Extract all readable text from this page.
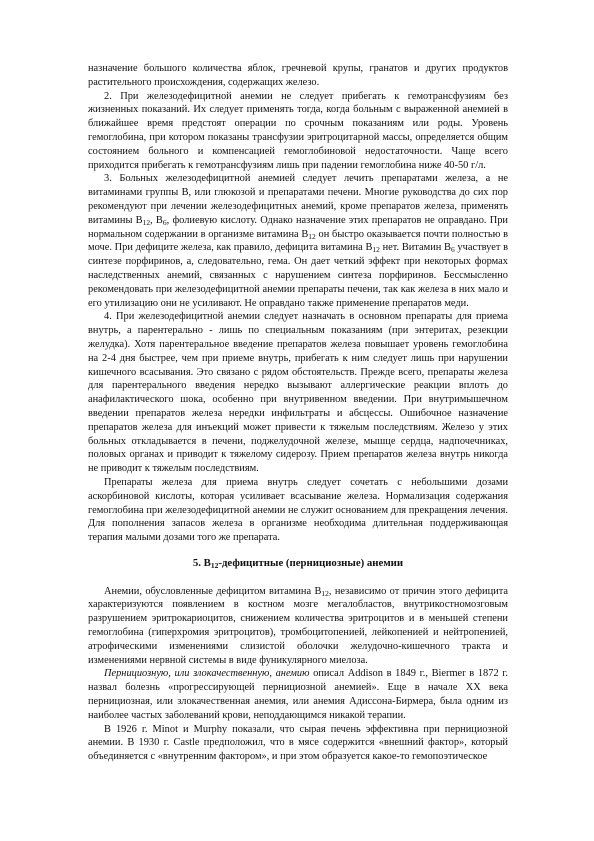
назначение большого количества яблок, гречневой крупы, гранатов и других продуктов растительного происхождения, содержащих железо.

2. При железодефицитной анемии не следует прибегать к гемотрансфузиям без жизненных показаний. Их следует применять тогда, когда больным с выраженной анемией в ближайшее время предстоят операции по срочным показаниям или роды. Уровень гемоглобина, при котором показаны трансфузии эритроцитарной массы, определяется общим состоянием больного и компенсацией гемоглобиновой недостаточности. Чаще всего приходится прибегать к гемотрансфузиям лишь при падении гемоглобина ниже 40-50 г/л.

3. Больных железодефицитной анемией следует лечить препаратами железа, а не витаминами группы В, или глюкозой и препаратами печени. Многие руководства до сих пор рекомендуют при лечении железодефицитных анемий, кроме препаратов железа, применять витамины $В_{12}$, $В_6$, фолиевую кислоту. Однако назначение этих препаратов не оправдано. При нормальном содержании в организме витамина $В_{12}$ он быстро оказывается почти полностью в моче. При дефиците железа, как правило, дефицита витамина $В_{12}$ нет. Витамин $В_6$ участвует в синтезе порфиринов, а, следовательно, гема. Он дает четкий эффект при некоторых формах наследственных анемий, связанных с нарушением синтеза порфиринов. Бессмысленно рекомендовать при железодефицитной анемии препараты печени, так как железа в них мало и его утилизацию они не усиливают. Не оправдано также применение препаратов меди.

4. При железодефицитной анемии следует назначать в основном препараты для приема внутрь, а парентерально - лишь по специальным показаниям (при энтеритах, резекции желудка). Хотя парентеральное введение препаратов железа повышает уровень гемоглобина на 2-4 дня быстрее, чем при приеме внутрь, прибегать к ним следует лишь при нарушении кишечного всасывания. Это связано с рядом обстоятельств. Прежде всего, препараты железа для парентерального введения нередко вызывают аллергические реакции вплоть до анафилактического шока, особенно при внутривенном введении. При внутримышечном введении препаратов железа нередки инфильтраты и абсцессы. Ошибочное назначение препаратов железа для инъекций может привести к тяжелым последствиям. Железо у этих больных откладывается в печени, поджелудочной железе, мышце сердца, надпочечниках, половых органах и приводит к тяжелому сидерозу. Прием препаратов железа внутрь никогда не приводит к тяжелым последствиям.

Препараты железа для приема внутрь следует сочетать с небольшими дозами аскорбиновой кислоты, которая усиливает всасывание железа. Нормализация содержания гемоглобина при железодефицитной анемии не служит основанием для прекращения лечения. Для пополнения запасов железа в организме необходима длительная поддерживающая терапия малыми дозами того же препарата.

5. $В_{12}$-дефицитные (пернициозные) анемии

Анемии, обусловленные дефицитом витамина $В_{12}$, независимо от причин этого дефицита характеризуются появлением в костном мозге мегалобластов, внутрикостномозговым разрушением эритрокариоцитов, снижением количества эритроцитов и в меньшей степени гемоглобина (гиперхромия эритроцитов), тромбоцитопенией, лейкопенией и нейтропенией, атрофическими изменениями слизистой оболочки желудочно-кишечного тракта и изменениями нервной системы в виде фуникулярного миелоза.

Пернициозную, или злокачественную, анемию описал Addison в 1849 г., Biermer в 1872 г. назвал болезнь «прогрессирующей пернициозной анемией». Еще в начале XX века пернициозная, или злокачественная анемия, или анемия Адиссона-Бирмера, была одним из наиболее частых заболеваний крови, неподдающимся никакой терапии.

В 1926 г. Minot и Murphy показали, что сырая печень эффективна при пернициозной анемии. В 1930 г. Castle предположил, что в мясе содержится «внешний фактор», который объединяется с «внутренним фактором», и при этом образуется какое-то гемопоэтическое
